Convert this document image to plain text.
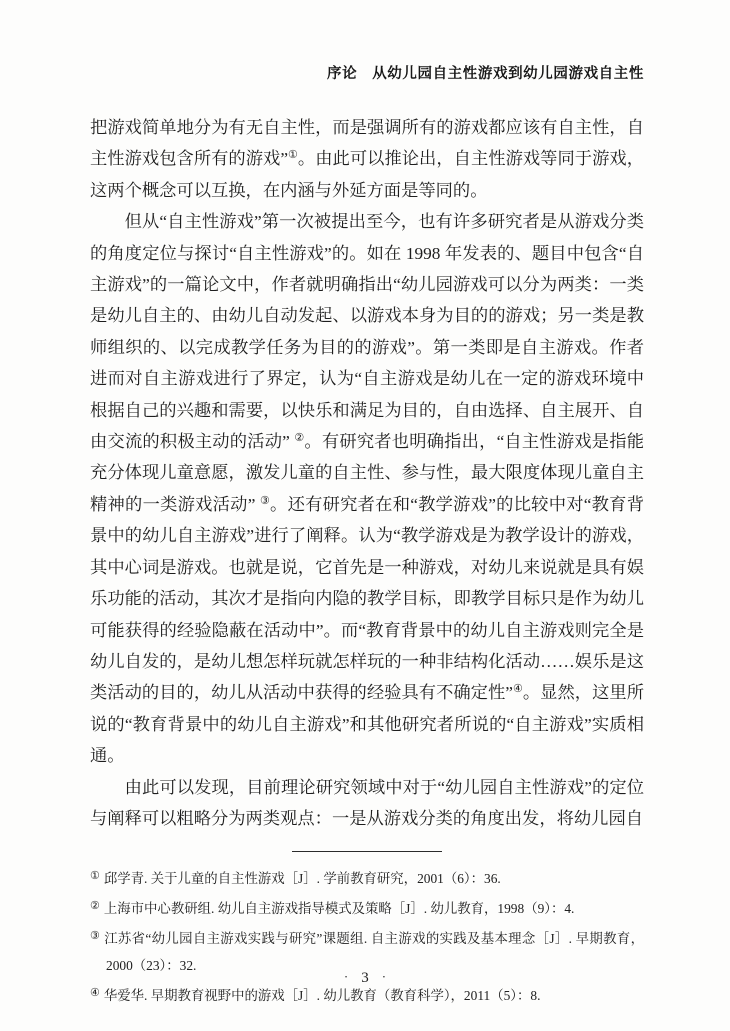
序论 从幼儿园自主性游戏到幼儿园游戏自主性

把游戏简单地分为有无自主性，而是强调所有的游戏都应该有自主性，自主性游戏包含所有的游戏”①。由此可以推论出，自主性游戏等同于游戏，这两个概念可以互换，在内涵与外延方面是等同的。

但从“自主性游戏”第一次被提出至今，也有许多研究者是从游戏分类的角度定位与探讨“自主性游戏”的。如在 1998 年发表的、题目中包含“自主游戏”的一篇论文中，作者就明确指出“幼儿园游戏可以分为两类：一类是幼儿自主的、由幼儿自动发起、以游戏本身为目的的游戏；另一类是教师组织的、以完成教学任务为目的的游戏”。第一类即是自主游戏。作者进而对自主游戏进行了界定，认为“自主游戏是幼儿在一定的游戏环境中根据自己的兴趣和需要，以快乐和满足为目的，自由选择、自主展开、自由交流的积极主动的活动” ②。有研究者也明确指出，“自主性游戏是指能充分体现儿童意愿，激发儿童的自主性、参与性，最大限度体现儿童自主精神的一类游戏活动” ③。还有研究者在和“教学游戏”的比较中对“教育背景中的幼儿自主游戏”进行了阐释。认为“教学游戏是为教学设计的游戏，其中心词是游戏。也就是说，它首先是一种游戏，对幼儿来说就是具有娱乐功能的活动，其次才是指向内隐的教学目标，即教学目标只是作为幼儿可能获得的经验隐蔽在活动中”。而“教育背景中的幼儿自主游戏则完全是幼儿自发的，是幼儿想怎样玩就怎样玩的一种非结构化活动……娱乐是这类活动的目的，幼儿从活动中获得的经验具有不确定性”④。显然，这里所说的“教育背景中的幼儿自主游戏”和其他研究者所说的“自主游戏”实质相通。

由此可以发现，目前理论研究领域中对于“幼儿园自主性游戏”的定位与阐释可以粗略分为两类观点：一是从游戏分类的角度出发，将幼儿园自

① 邱学青. 关于儿童的自主性游戏［J］. 学前教育研究，2001（6）：36.
② 上海市中心教研组. 幼儿自主游戏指导模式及策略［J］. 幼儿教育，1998（9）：4.
③ 江苏省“幼儿园自主游戏实践与研究”课题组. 自主游戏的实践及基本理念［J］. 早期教育，2000（23）：32.
④ 华爱华. 早期教育视野中的游戏［J］. 幼儿教育（教育科学），2011（5）：8.
· 3 ·
